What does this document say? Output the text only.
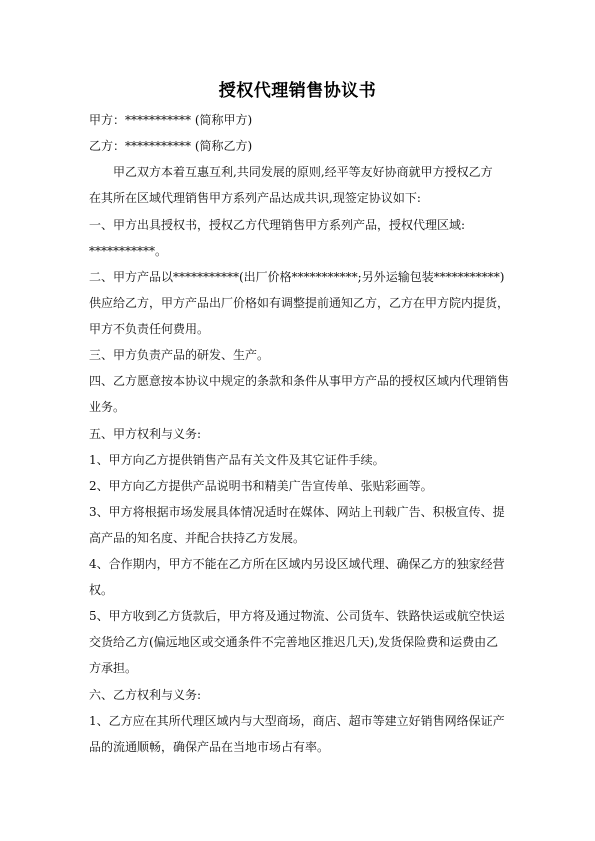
授权代理销售协议书
甲方：*********** (简称甲方)
乙方：*********** (简称乙方)
甲乙双方本着互惠互利,共同发展的原则,经平等友好协商就甲方授权乙方
在其所在区域代理销售甲方系列产品达成共识,现签定协议如下:
一、甲方出具授权书，授权乙方代理销售甲方系列产品，授权代理区域:
***********。
二、甲方产品以***********(出厂价格***********;另外运输包装***********)
供应给乙方，甲方产品出厂价格如有调整提前通知乙方，乙方在甲方院内提货，
甲方不负责任何费用。
三、甲方负责产品的研发、生产。
四、乙方愿意按本协议中规定的条款和条件从事甲方产品的授权区域内代理销售
业务。
五、甲方权利与义务:
1、甲方向乙方提供销售产品有关文件及其它证件手续。
2、甲方向乙方提供产品说明书和精美广告宣传单、张贴彩画等。
3、甲方将根据市场发展具体情况适时在媒体、网站上刊载广告、积极宣传、提
高产品的知名度、并配合扶持乙方发展。
4、合作期内，甲方不能在乙方所在区域内另设区域代理、确保乙方的独家经营
权。
5、甲方收到乙方货款后，甲方将及通过物流、公司货车、铁路快运或航空快运
交货给乙方(偏远地区或交通条件不完善地区推迟几天),发货保险费和运费由乙
方承担。
六、乙方权利与义务:
1、乙方应在其所代理区域内与大型商场，商店、超市等建立好销售网络保证产
品的流通顺畅，确保产品在当地市场占有率。
